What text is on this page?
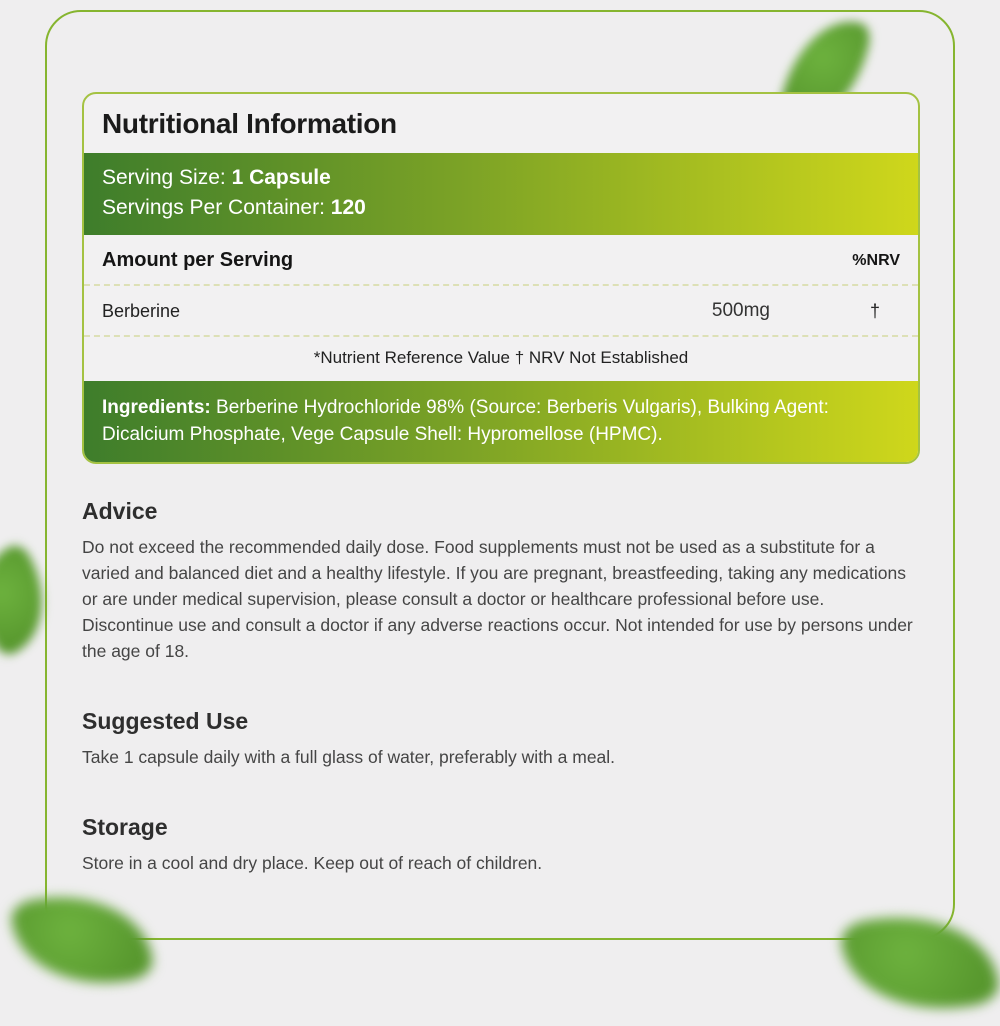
Nutritional Information
Serving Size: 1 Capsule
Servings Per Container: 120
Amount per Serving	%NRV
Berberine	500mg	†
*Nutrient Reference Value † NRV Not Established
Ingredients: Berberine Hydrochloride 98% (Source: Berberis Vulgaris), Bulking Agent: Dicalcium Phosphate, Vege Capsule Shell: Hypromellose (HPMC).
Advice
Do not exceed the recommended daily dose. Food supplements must not be used as a substitute for a varied and balanced diet and a healthy lifestyle. If you are pregnant, breastfeeding, taking any medications or are under medical supervision, please consult a doctor or healthcare professional before use. Discontinue use and consult a doctor if any adverse reactions occur. Not intended for use by persons under the age of 18.
Suggested Use
Take 1 capsule daily with a full glass of water, preferably with a meal.
Storage
Store in a cool and dry place. Keep out of reach of children.
